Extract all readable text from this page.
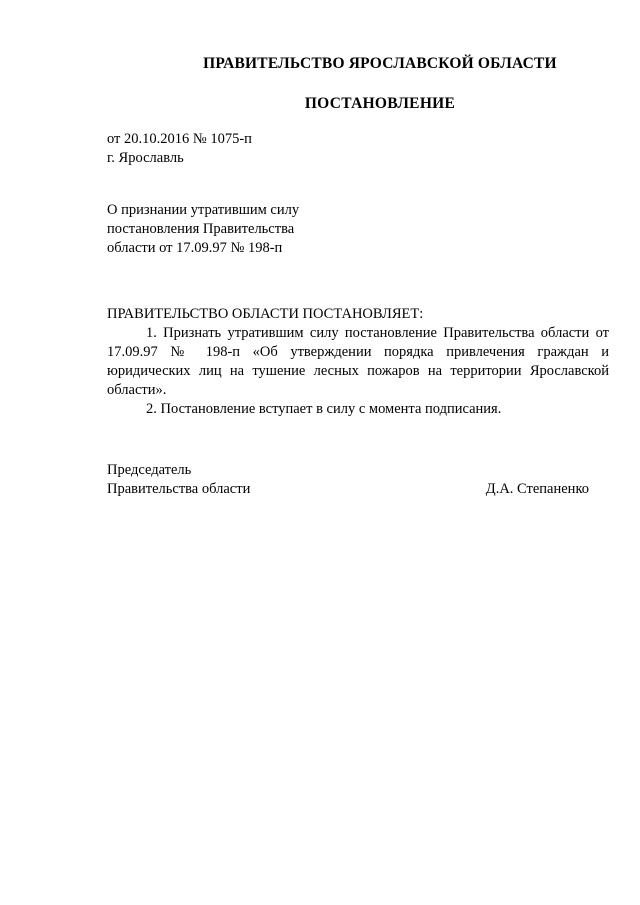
ПРАВИТЕЛЬСТВО ЯРОСЛАВСКОЙ ОБЛАСТИ
ПОСТАНОВЛЕНИЕ
от 20.10.2016 № 1075-п
г. Ярославль
О признании утратившим силу
постановления Правительства
области от 17.09.97 № 198-п
ПРАВИТЕЛЬСТВО ОБЛАСТИ ПОСТАНОВЛЯЕТ:

1. Признать утратившим силу постановление Правительства области от 17.09.97 № 198-п «Об утверждении порядка привлечения граждан и юридических лиц на тушение лесных пожаров на территории Ярославской области».

2. Постановление вступает в силу с момента подписания.

Председатель
Правительства области	Д.А. Степаненко
